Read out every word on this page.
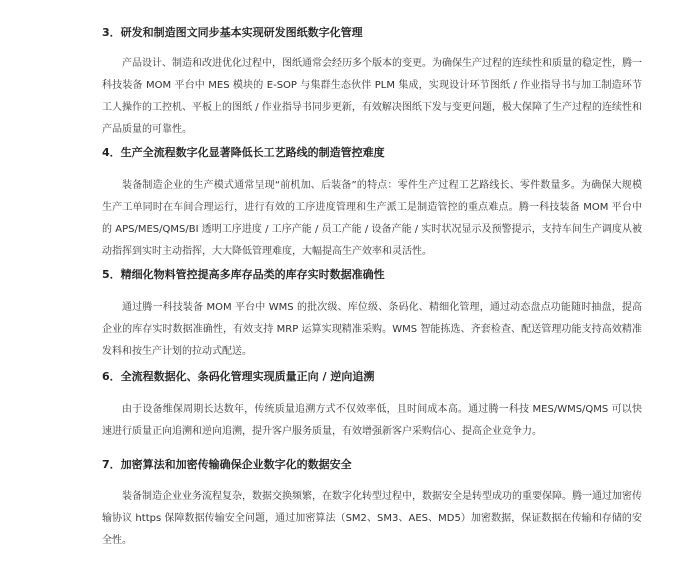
3．研发和制造图文同步基本实现研发图纸数字化管理

产品设计、制造和改进优化过程中，图纸通常会经历多个版本的变更。为确保生产过程的连续性和质量的稳定性，腾一科技装备 MOM 平台中 MES 模块的 E-SOP 与集群生态伙伴 PLM 集成，实现设计环节图纸 / 作业指导书与加工制造环节工人操作的工控机、平板上的图纸 / 作业指导书同步更新，有效解决图纸下发与变更问题，极大保障了生产过程的连续性和产品质量的可靠性。

4．生产全流程数字化显著降低长工艺路线的制造管控难度

装备制造企业的生产模式通常呈现“前机加、后装备”的特点：零件生产过程工艺路线长、零件数量多。为确保大规模生产工单同时在车间合理运行，进行有效的工序进度管理和生产派工是制造管控的重点难点。腾一科技装备 MOM 平台中的 APS/MES/QMS/BI 透明工序进度 / 工序产能 / 员工产能 / 设备产能 / 实时状况显示及预警提示，支持车间生产调度从被动指挥到实时主动指挥，大大降低管理难度，大幅提高生产效率和灵活性。

5．精细化物料管控提高多库存品类的库存实时数据准确性

通过腾一科技装备 MOM 平台中 WMS 的批次级、库位级、条码化、精细化管理，通过动态盘点功能随时抽盘，提高企业的库存实时数据准确性，有效支持 MRP 运算实现精准采购。WMS 智能拣选、齐套检查、配送管理功能支持高效精准发料和按生产计划的拉动式配送。

6．全流程数据化、条码化管理实现质量正向 / 逆向追溯

由于设备维保周期长达数年，传统质量追溯方式不仅效率低，且时间成本高。通过腾一科技 MES/WMS/QMS 可以快速进行质量正向追溯和逆向追溯，提升客户服务质量，有效增强新客户采购信心、提高企业竞争力。

7．加密算法和加密传输确保企业数字化的数据安全

装备制造企业业务流程复杂，数据交换频繁，在数字化转型过程中，数据安全是转型成功的重要保障。腾一通过加密传输协议 https 保障数据传输安全问题，通过加密算法（SM2、SM3、AES、MD5）加密数据，保证数据在传输和存储的安全性。
